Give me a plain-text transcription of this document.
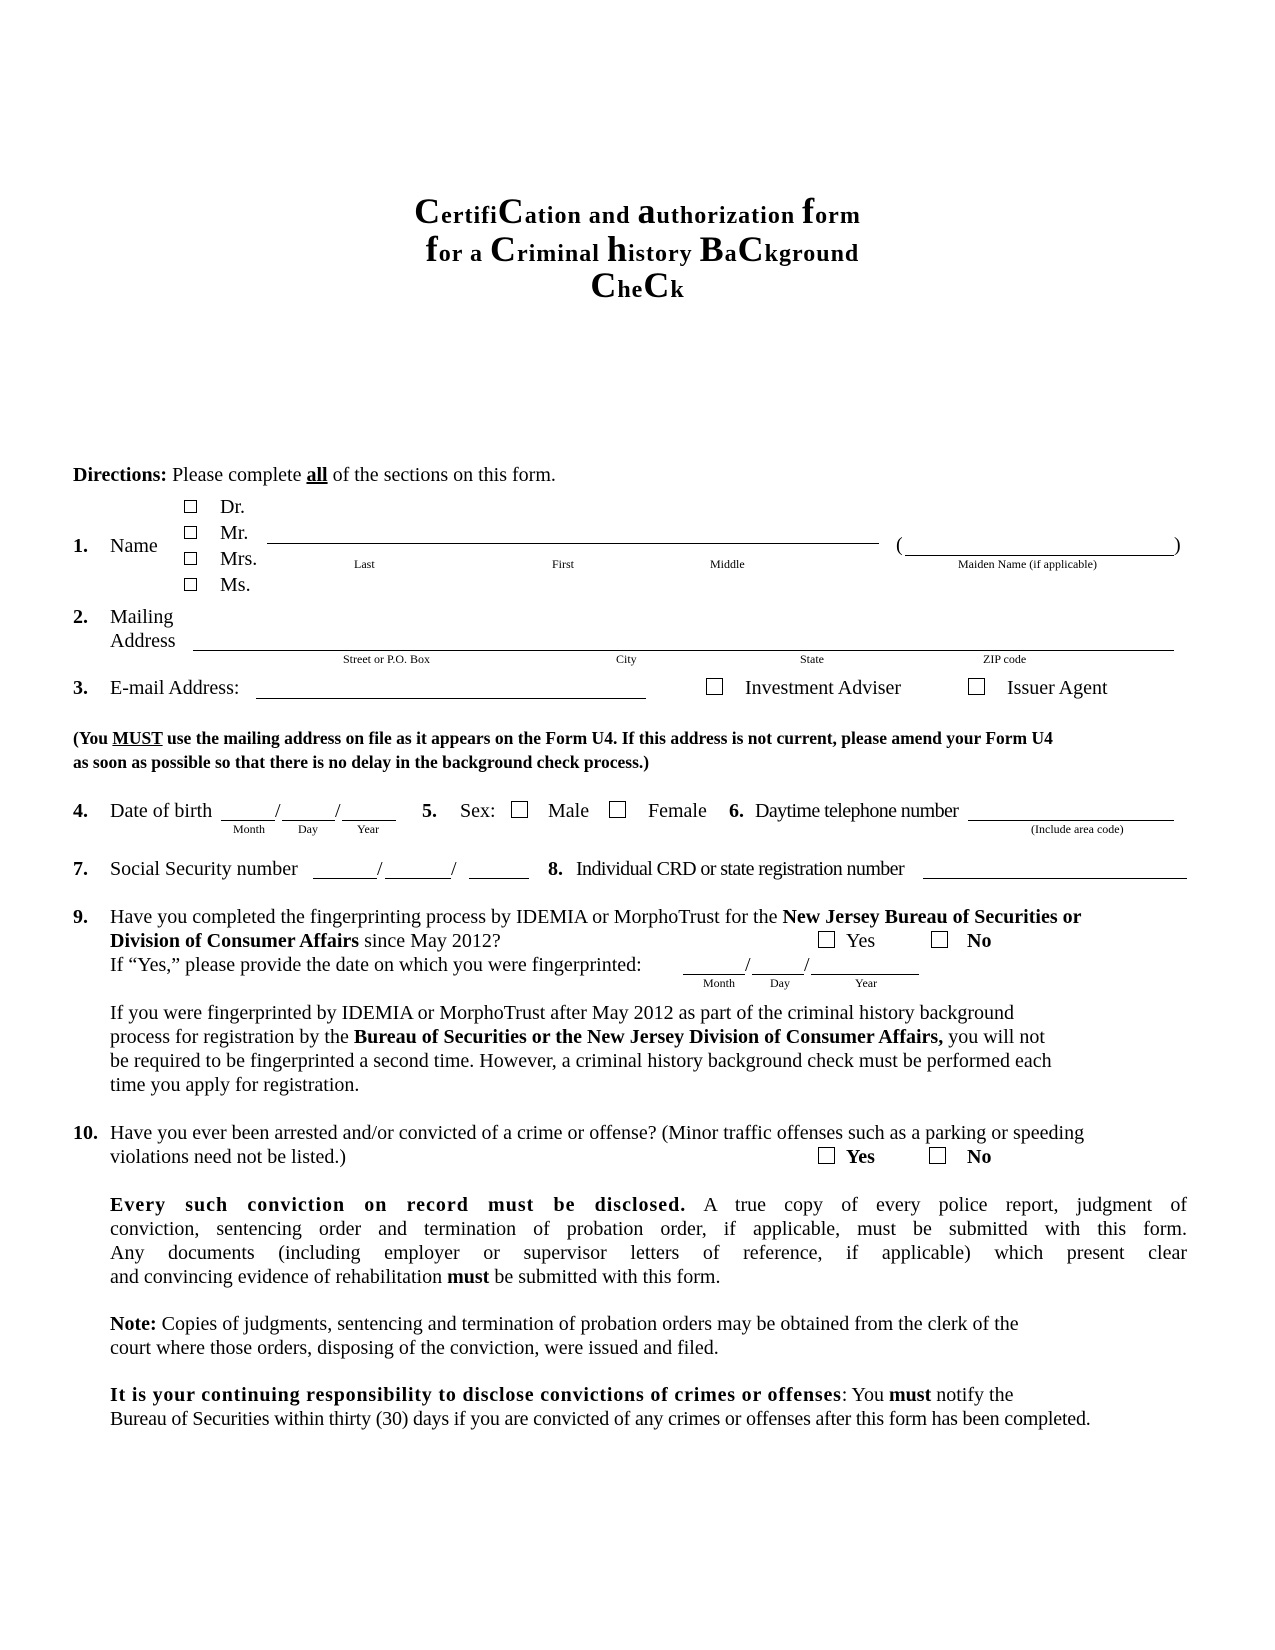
CertifiCation and authorization form
for a Criminal history BaCkground
CheCk
Directions: Please complete all of the sections on this form.
1. Name
Dr.
Mr.
Mrs.
Ms.
Last	First	Middle
(	)
Maiden Name (if applicable)
2. Mailing
Address
Street or P.O. Box	City	State	ZIP code
3. E-mail Address:	Investment Adviser	Issuer Agent
(You MUST use the mailing address on file as it appears on the Form U4. If this address is not current, please amend your Form U4
as soon as possible so that there is no delay in the background check process.)
4. Date of birth	/	/
Month	Day	Year
5. Sex:	Male	Female 6. Daytime telephone number
(Include area code)
7. Social Security number	/	/	8. Individual CRD or state registration number
9. Have you completed the fingerprinting process by IDEMIA or MorphoTrust for the New Jersey Bureau of Securities or
Division of Consumer Affairs since May 2012?	Yes	No
If “Yes,” please provide the date on which you were fingerprinted:	/	/
Month	Day	Year
If you were fingerprinted by IDEMIA or MorphoTrust after May 2012 as part of the criminal history background
process for registration by the Bureau of Securities or the New Jersey Division of Consumer Affairs, you will not
be required to be fingerprinted a second time. However, a criminal history background check must be performed each
time you apply for registration.
10. Have you ever been arrested and/or convicted of a crime or offense? (Minor traffic offenses such as a parking or speeding
violations need not be listed.)	Yes	No
Every such conviction on record must be disclosed. A true copy of every police report, judgment of
conviction, sentencing order and termination of probation order, if applicable, must be submitted with this form.
Any documents (including employer or supervisor letters of reference, if applicable) which present clear
and convincing evidence of rehabilitation must be submitted with this form.
Note: Copies of judgments, sentencing and termination of probation orders may be obtained from the clerk of the
court where those orders, disposing of the conviction, were issued and filed.
It is your continuing responsibility to disclose convictions of crimes or offenses: You must notify the
Bureau of Securities within thirty (30) days if you are convicted of any crimes or offenses after this form has been completed.
